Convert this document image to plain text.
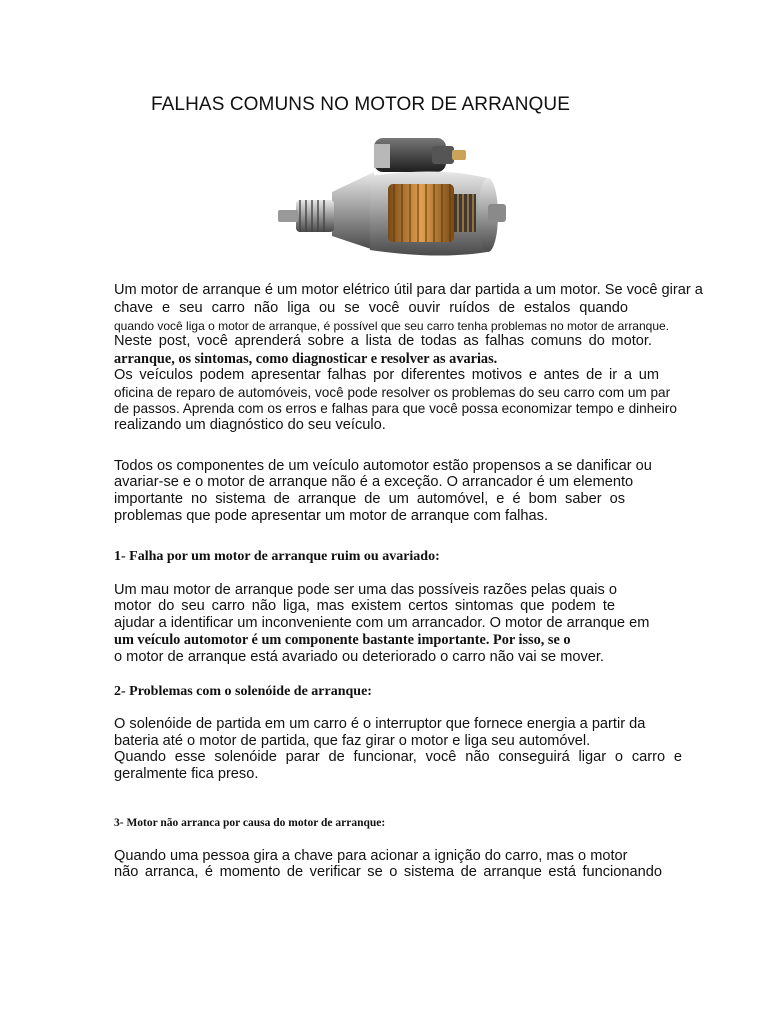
FALHAS COMUNS NO MOTOR DE ARRANQUE
Um motor de arranque é um motor elétrico útil para dar partida a um motor. Se você girar a
chave e seu carro não liga ou se você ouvir ruídos de estalos quando
quando você liga o motor de arranque, é possível que seu carro tenha problemas no motor de arranque.
Neste post, você aprenderá sobre a lista de todas as falhas comuns do motor.
arranque, os sintomas, como diagnosticar e resolver as avarias.
Os veículos podem apresentar falhas por diferentes motivos e antes de ir a um
oficina de reparo de automóveis, você pode resolver os problemas do seu carro com um par
de passos. Aprenda com os erros e falhas para que você possa economizar tempo e dinheiro
realizando um diagnóstico do seu veículo.
Todos os componentes de um veículo automotor estão propensos a se danificar ou
avariar-se e o motor de arranque não é a exceção. O arrancador é um elemento
importante no sistema de arranque de um automóvel, e é bom saber os
problemas que pode apresentar um motor de arranque com falhas.
1- Falha por um motor de arranque ruim ou avariado:
Um mau motor de arranque pode ser uma das possíveis razões pelas quais o
motor do seu carro não liga, mas existem certos sintomas que podem te
ajudar a identificar um inconveniente com um arrancador. O motor de arranque em
um veículo automotor é um componente bastante importante. Por isso, se o
o motor de arranque está avariado ou deteriorado o carro não vai se mover.
2- Problemas com o solenóide de arranque:
O solenóide de partida em um carro é o interruptor que fornece energia a partir da
bateria até o motor de partida, que faz girar o motor e liga seu automóvel.
Quando esse solenóide parar de funcionar, você não conseguirá ligar o carro e
geralmente fica preso.
3- Motor não arranca por causa do motor de arranque:
Quando uma pessoa gira a chave para acionar a ignição do carro, mas o motor
não arranca, é momento de verificar se o sistema de arranque está funcionando
